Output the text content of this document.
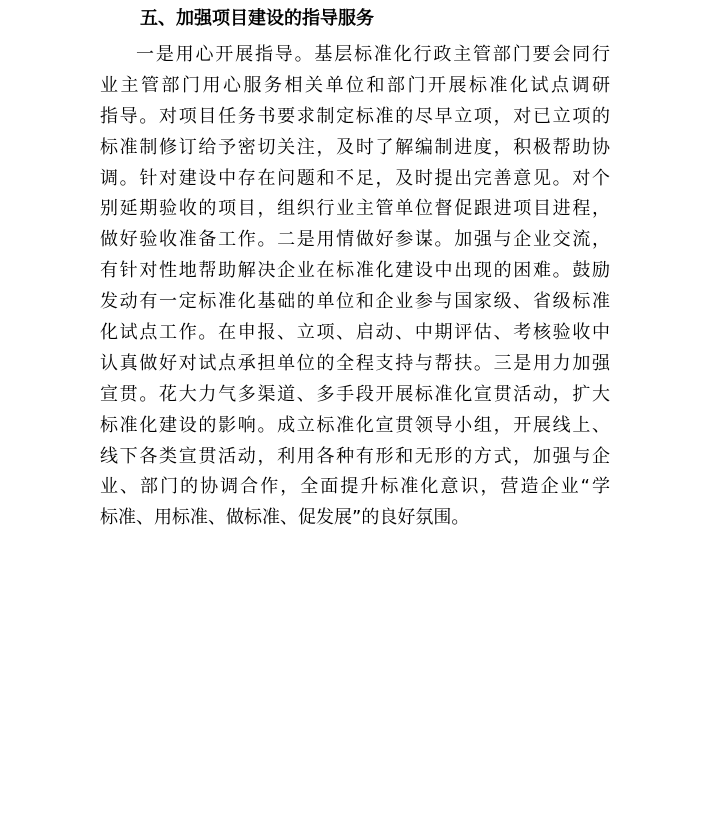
五、加强项目建设的指导服务
一是用心开展指导。基层标准化行政主管部门要会同行
业主管部门用心服务相关单位和部门开展标准化试点调研
指导。对项目任务书要求制定标准的尽早立项，对已立项的
标准制修订给予密切关注，及时了解编制进度，积极帮助协
调。针对建设中存在问题和不足，及时提出完善意见。对个
别延期验收的项目，组织行业主管单位督促跟进项目进程，
做好验收准备工作。二是用情做好参谋。加强与企业交流，
有针对性地帮助解决企业在标准化建设中出现的困难。鼓励
发动有一定标准化基础的单位和企业参与国家级、省级标准
化试点工作。在申报、立项、启动、中期评估、考核验收中
认真做好对试点承担单位的全程支持与帮扶。三是用力加强
宣贯。花大力气多渠道、多手段开展标准化宣贯活动，扩大
标准化建设的影响。成立标准化宣贯领导小组，开展线上、
线下各类宣贯活动，利用各种有形和无形的方式，加强与企
业、部门的协调合作，全面提升标准化意识，营造企业“学
标准、用标准、做标准、促发展”的良好氛围。
